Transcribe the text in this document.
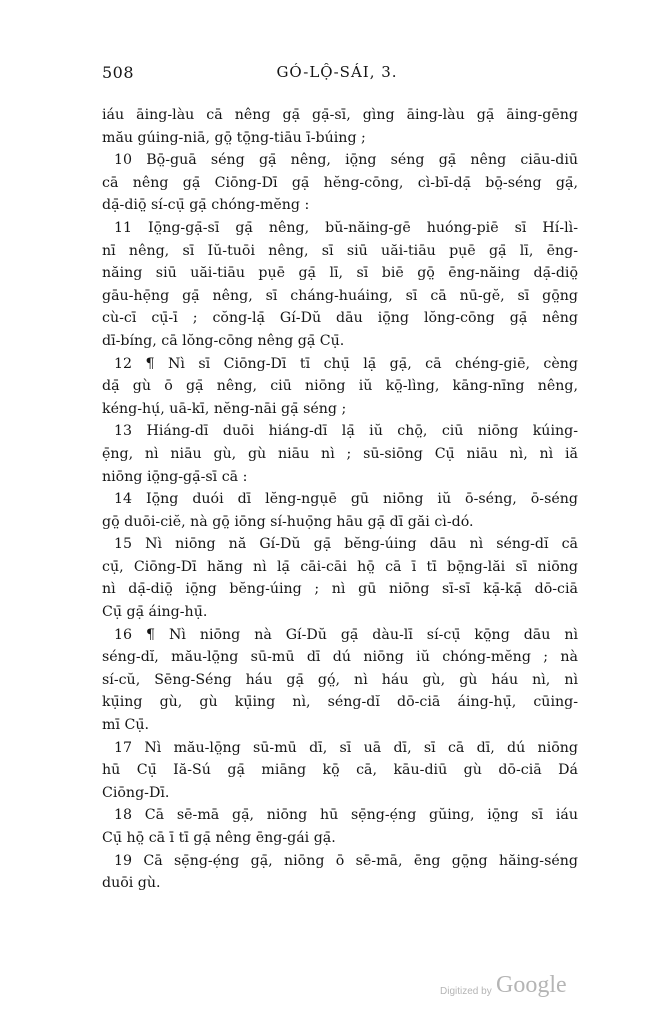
508	GÓ-LỘ-SÁI, 3.
iáu āing-làu cā nêng gạ̄ gạ̄-sī, gìng āing-làu gạ̄ āing-gēng
mău gúing-niā, gō̤ tō̤ng-tiāu ī-búing ;
10 Bō̤-guā séng gạ̄ nêng, iō̤ng séng gạ̄ nêng ciāu-diū
cā nêng gạ̄ Ciōng-Dī gạ̄ hĕng-cōng, cì-bī-dạ̄ bō̤-séng gạ̄,
dạ̄-diō̤ sí-cụ̄ gạ̄ chóng-mĕng :
11 Iō̤ng-gạ̄-sī gạ̄ nêng, bŭ-năing-gē huóng-piē sī Hí-lì-
nī nêng, sī Iŭ-tuōi nêng, sī siū uăi-tiāu pụē gạ̄ lī, ēng-
năing siū uăi-tiāu pụē gạ̄ lī, sī biē gō̤ ēng-năing dạ̄-diō̤
gāu-hẹ̄ng gạ̄ nêng, sī cháng-huáing, sī cā nū-gĕ, sī gō̤ng
cù-cī cụ̄-ī ; cŏng-lạ̄ Gí-Dŭ dāu iō̤ng lŏng-cōng gạ̄ nêng
dī-bíng, cā lŏng-cōng nêng gạ̄ Cụ̄.
12 ¶ Nì sī Ciōng-Dī tī chụ̄ lạ̄ gạ̄, cā chéng-giē, cèng
dạ̄ gù ō gạ̄ nêng, ciū niōng iŭ kō̤-lìng, kāng-nīng nêng,
kéng-hụ́, uā-kī, nĕng-nāi gạ̄ séng ;
13 Hiáng-dī duōi hiáng-dī lạ̄ iŭ chō̤, ciū niōng kúing-
ẹ̄ng, nì niāu gù, gù niāu nì ; sū-siōng Cụ̄ niāu nì, nì iă
niōng iō̤ng-gạ̄-sī cā :
14 Iō̤ng duói dī lĕng-ngụē gū niōng iŭ ō-séng, ō-séng
gō̤ duōi-ciĕ, nà gō̤ iōng sí-huọ̄ng hāu gạ̄ dī găi cì-dó.
15 Nì niōng nă Gí-Dŭ gạ̄ bĕng-úing dāu nì séng-dĭ cā
cụ̄, Ciōng-Dī hăng nì lạ̄ cāi-cāi hō̤ cā ī tī bō̤ng-lăi sī niōng
nì dạ̄-diō̤ iō̤ng bĕng-úing ; nì gū niōng sī-sī kạ̄-kạ̄ dō-ciā
Cụ̄ gạ̄ áing-hụ̄.
16 ¶ Nì niōng nà Gí-Dŭ gạ̄ dàu-lī sí-cụ̄ kō̤ng dāu nì
séng-dĭ, mău-lō̤ng sū-mū dī dú niōng iŭ chóng-mĕng ; nà
sí-cŭ, Sēng-Séng háu gạ̄ gó̤, nì háu gù, gù háu nì, nì
kụ̄ing gù, gù kụ̄ing nì, séng-dĭ dō-ciā áing-hụ̄, cūing-
mī Cụ̄.
17 Nì mău-lō̤ng sū-mū dī, sī uā dī, sī cā dī, dú niōng
hū Cụ̄ Iă-Sú gạ̄ miāng kō̤ cā, kāu-diū gù dō-ciā Dá
Ciōng-Dī.
18 Cā sē-mā gạ̄, niōng hū sẹ̄ng-ẹ́ng gŭing, iō̤ng sī iáu
Cụ̄ hō̤ cā ī tī gạ̄ nêng ēng-gái gạ̄.
19 Cā sẹ̄ng-ẹ́ng gạ̄, niōng ō sē-mā, ēng gō̤ng hăing-séng
duōi gù.
Digitized by Google
